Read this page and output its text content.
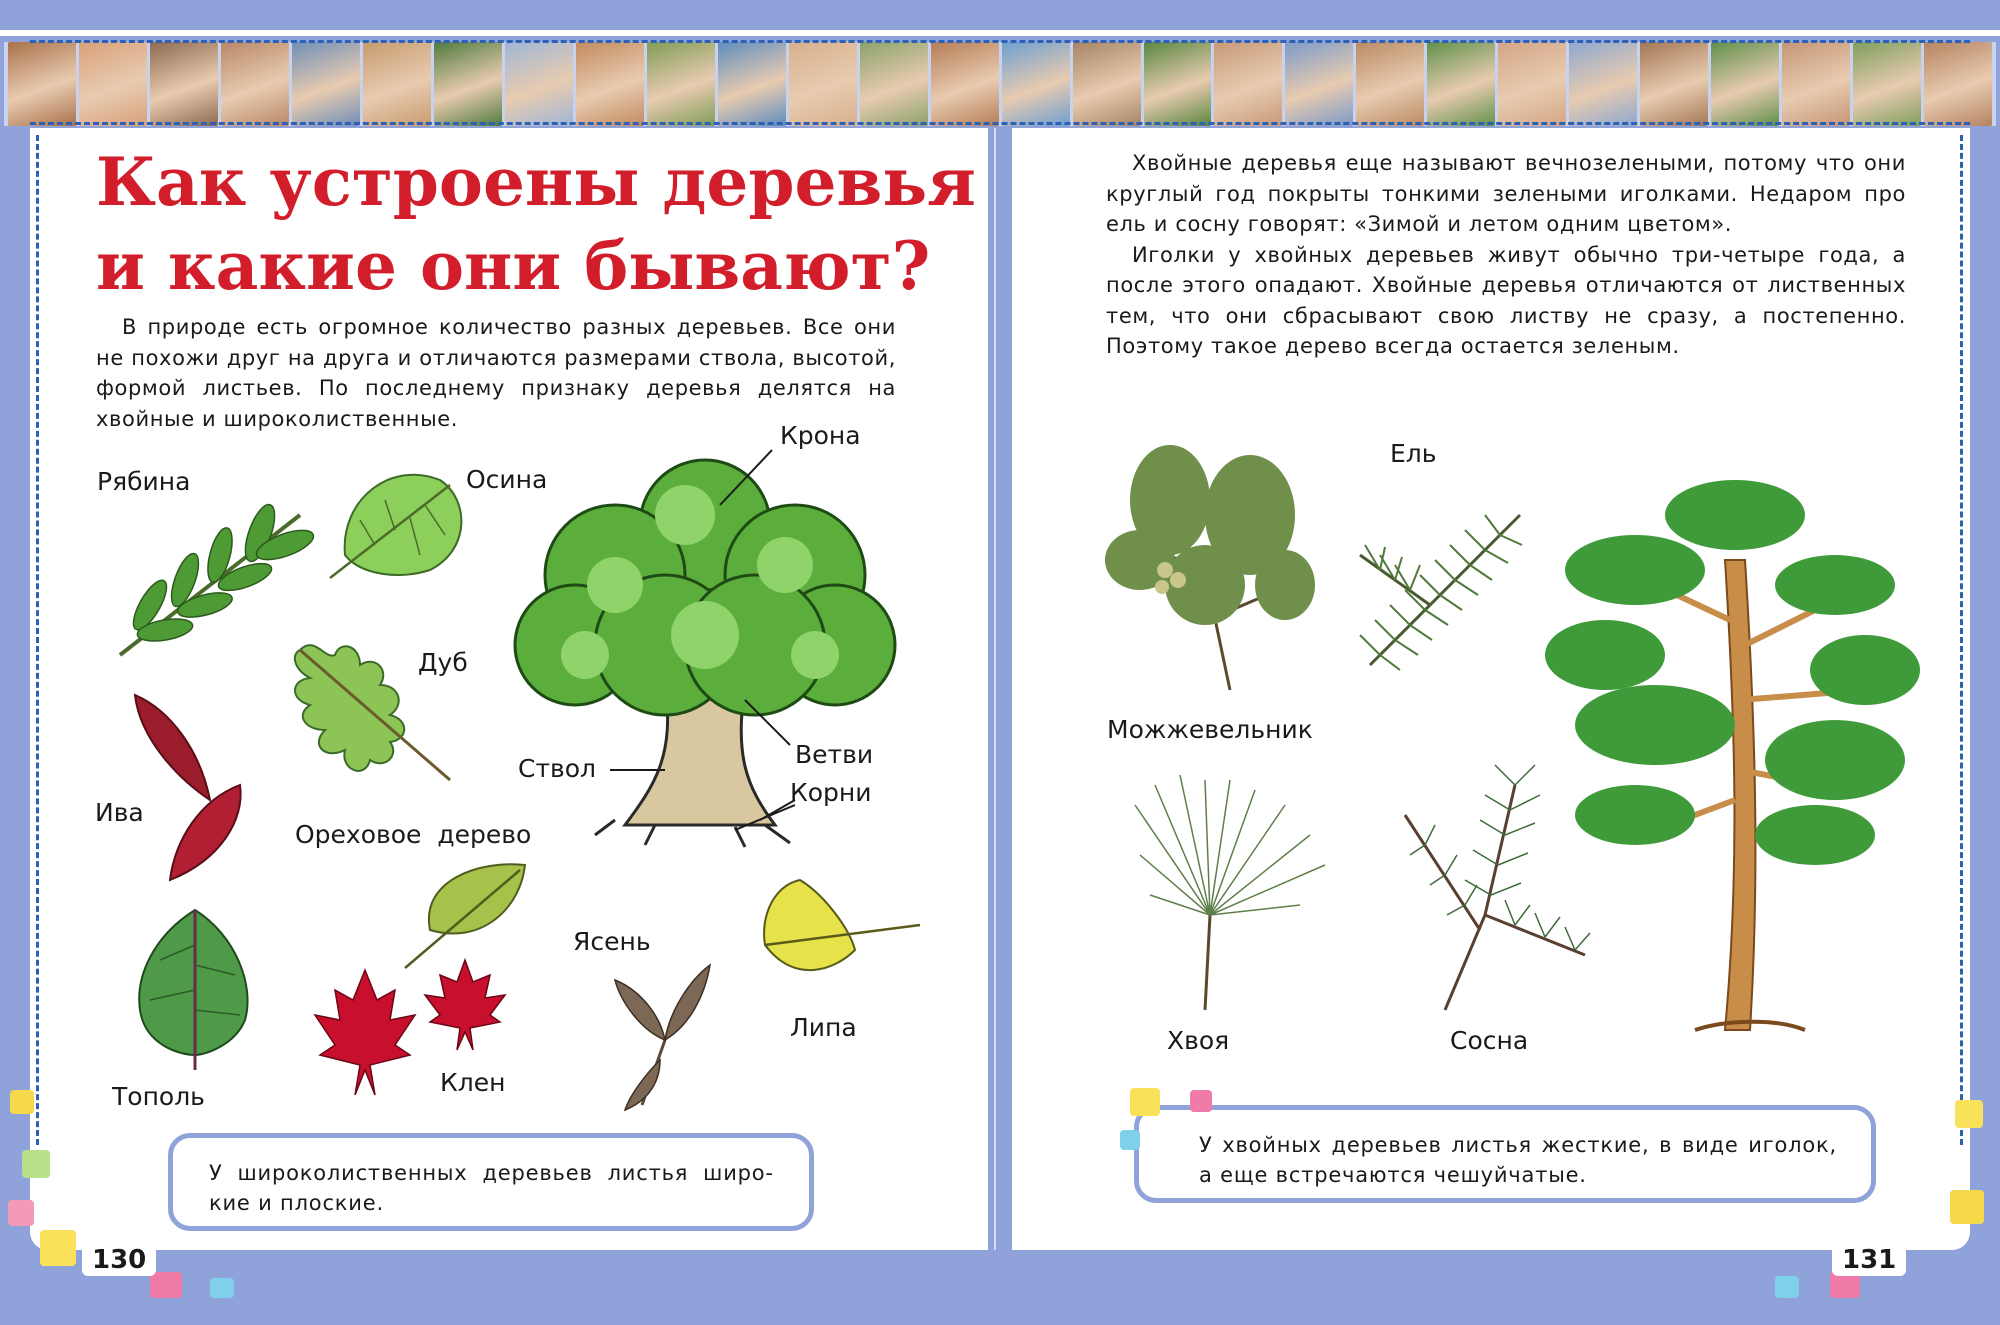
Как устроены деревья
и какие они бывают?

В природе есть огромное количество разных деревьев. Все они не похожи друг на друга и отличаются размерами ствола, высотой, формой листьев. По последнему признаку деревья делятся на хвойные и широколиственные.

Рябина	Осина
Дуб
Ива
Ореховое дерево
Тополь	Клен
Ясень
Липа
Крона
Ствол	Ветви
Корни
У широколиственных деревьев листья широкие и плоские.

Хвойные деревья еще называют вечнозелеными, потому что они круглый год покрыты тонкими зелеными иголками. Недаром про ель и сосну говорят: «Зимой и летом одним цветом».

Иголки у хвойных деревьев живут обычно три-четыре года, а после этого опадают. Хвойные деревья отличаются от лиственных тем, что они сбрасывают свою листву не сразу, а постепенно. Поэтому такое дерево всегда остается зеленым.

Ель
Можжевельник
Хвоя	Сосна
У хвойных деревьев листья жесткие, в виде иголок, а еще встречаются чешуйчатые.
130	131
